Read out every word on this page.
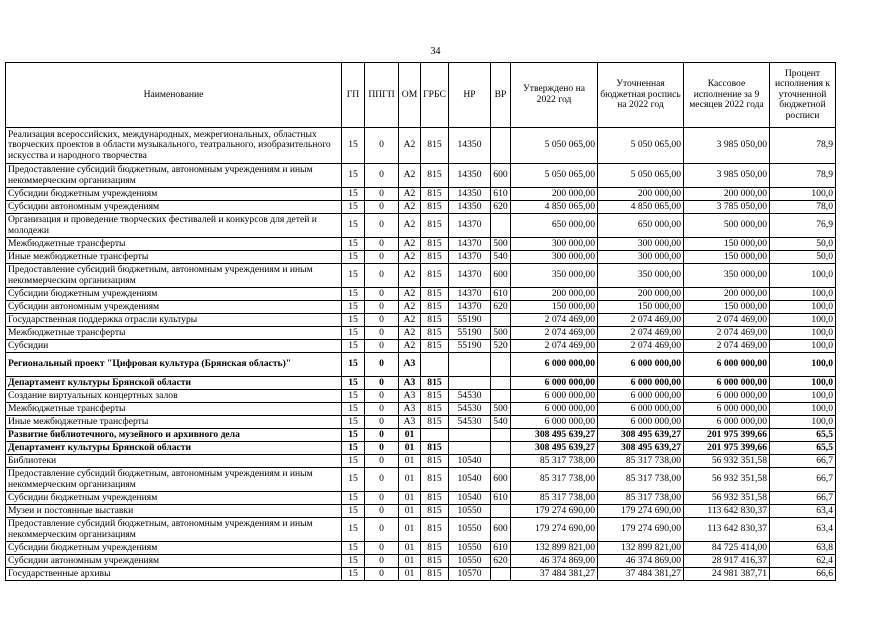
34
Наименование	ГП	ППГП	ОМ	ГРБС	НР	ВР	Утверждено на 2022 год	Уточненная бюджетная роспись на 2022 год	Кассовое исполнение за 9 месяцев 2022 года	Процент исполнения к уточненной бюджетной росписи
Реализация всероссийских, международных, межрегиональных, областных творческих проектов в области музыкального, театрального, изобразительного искусства и народного творчества	15	0	А2	815	14350		5 050 065,00	5 050 065,00	3 985 050,00	78,9
Предоставление субсидий бюджетным, автономным учреждениям и иным некоммерческим организациям	15	0	А2	815	14350	600	5 050 065,00	5 050 065,00	3 985 050,00	78,9
Субсидии бюджетным учреждениям	15	0	А2	815	14350	610	200 000,00	200 000,00	200 000,00	100,0
Субсидии автономным учреждениям	15	0	А2	815	14350	620	4 850 065,00	4 850 065,00	3 785 050,00	78,0
Организация и проведение творческих фестивалей и конкурсов для детей и молодежи	15	0	А2	815	14370		650 000,00	650 000,00	500 000,00	76,9
Межбюджетные трансферты	15	0	А2	815	14370	500	300 000,00	300 000,00	150 000,00	50,0
Иные межбюджетные трансферты	15	0	А2	815	14370	540	300 000,00	300 000,00	150 000,00	50,0
Предоставление субсидий бюджетным, автономным учреждениям и иным некоммерческим организациям	15	0	А2	815	14370	600	350 000,00	350 000,00	350 000,00	100,0
Субсидии бюджетным учреждениям	15	0	А2	815	14370	610	200 000,00	200 000,00	200 000,00	100,0
Субсидии автономным учреждениям	15	0	А2	815	14370	620	150 000,00	150 000,00	150 000,00	100,0
Государственная поддержка отрасли культуры	15	0	А2	815	55190		2 074 469,00	2 074 469,00	2 074 469,00	100,0
Межбюджетные трансферты	15	0	А2	815	55190	500	2 074 469,00	2 074 469,00	2 074 469,00	100,0
Субсидии	15	0	А2	815	55190	520	2 074 469,00	2 074 469,00	2 074 469,00	100,0
Региональный проект "Цифровая культура (Брянская область)"	15	0	А3				6 000 000,00	6 000 000,00	6 000 000,00	100,0
Департамент культуры Брянской области	15	0	А3	815			6 000 000,00	6 000 000,00	6 000 000,00	100,0
Создание виртуальных концертных залов	15	0	А3	815	54530		6 000 000,00	6 000 000,00	6 000 000,00	100,0
Межбюджетные трансферты	15	0	А3	815	54530	500	6 000 000,00	6 000 000,00	6 000 000,00	100,0
Иные межбюджетные трансферты	15	0	А3	815	54530	540	6 000 000,00	6 000 000,00	6 000 000,00	100,0
Развитие библиотечного, музейного и архивного дела	15	0	01				308 495 639,27	308 495 639,27	201 975 399,66	65,5
Департамент культуры Брянской области	15	0	01	815			308 495 639,27	308 495 639,27	201 975 399,66	65,5
Библиотеки	15	0	01	815	10540		85 317 738,00	85 317 738,00	56 932 351,58	66,7
Предоставление субсидий бюджетным, автономным учреждениям и иным некоммерческим организациям	15	0	01	815	10540	600	85 317 738,00	85 317 738,00	56 932 351,58	66,7
Субсидии бюджетным учреждениям	15	0	01	815	10540	610	85 317 738,00	85 317 738,00	56 932 351,58	66,7
Музеи и постоянные выставки	15	0	01	815	10550		179 274 690,00	179 274 690,00	113 642 830,37	63,4
Предоставление субсидий бюджетным, автономным учреждениям и иным некоммерческим организациям	15	0	01	815	10550	600	179 274 690,00	179 274 690,00	113 642 830,37	63,4
Субсидии бюджетным учреждениям	15	0	01	815	10550	610	132 899 821,00	132 899 821,00	84 725 414,00	63,8
Субсидии автономным учреждениям	15	0	01	815	10550	620	46 374 869,00	46 374 869,00	28 917 416,37	62,4
Государственные архивы	15	0	01	815	10570		37 484 381,27	37 484 381,27	24 981 387,71	66,6
